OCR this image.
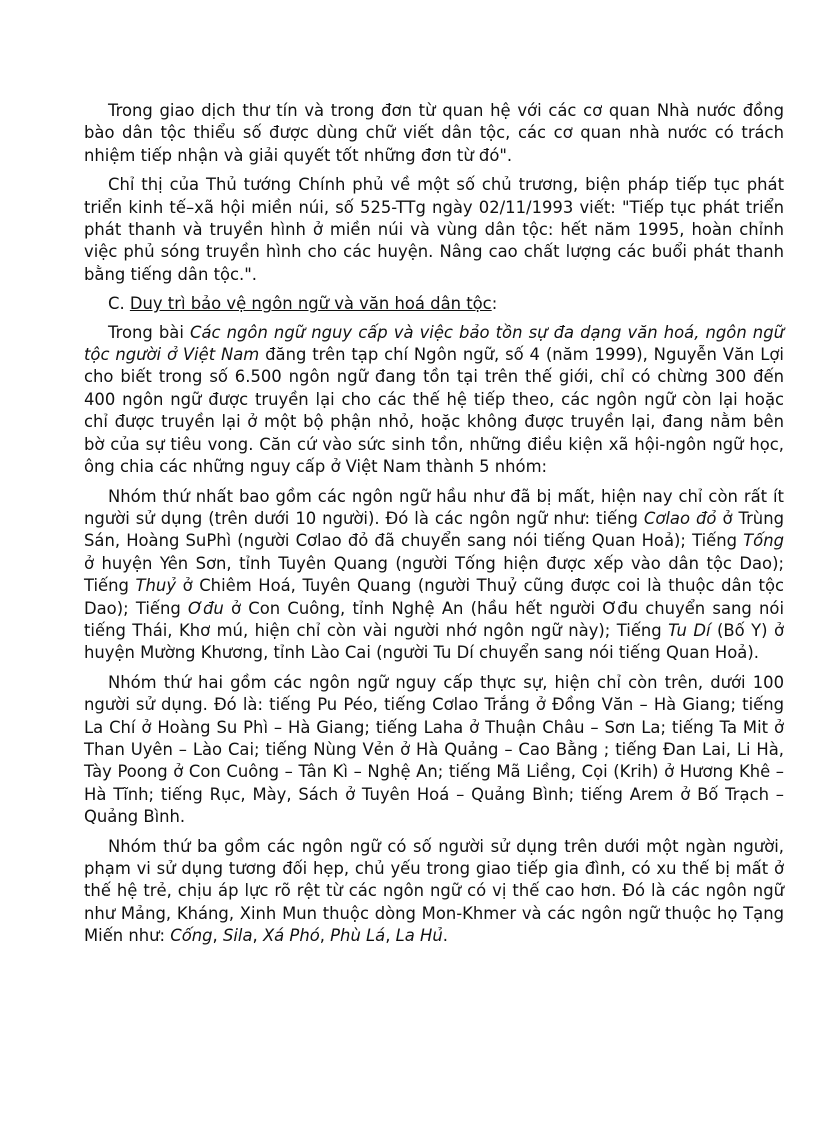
Trong giao dịch thư tín và trong đơn từ quan hệ với các cơ quan Nhà nước đồng bào dân tộc thiểu số được dùng chữ viết dân tộc, các cơ quan nhà nước có trách nhiệm tiếp nhận và giải quyết tốt những đơn từ đó".

Chỉ thị của Thủ tướng Chính phủ về một số chủ trương, biện pháp tiếp tục phát triển kinh tế–xã hội miền núi, số 525-TTg ngày 02/11/1993 viết: "Tiếp tục phát triển phát thanh và truyền hình ở miền núi và vùng dân tộc: hết năm 1995, hoàn chỉnh việc phủ sóng truyền hình cho các huyện. Nâng cao chất lượng các buổi phát thanh bằng tiếng dân tộc.".

C. Duy trì bảo vệ ngôn ngữ và văn hoá dân tộc:

Trong bài Các ngôn ngữ nguy cấp và việc bảo tồn sự đa dạng văn hoá, ngôn ngữ tộc người ở Việt Nam đăng trên tạp chí Ngôn ngữ, số 4 (năm 1999), Nguyễn Văn Lợi cho biết trong số 6.500 ngôn ngữ đang tồn tại trên thế giới, chỉ có chừng 300 đến 400 ngôn ngữ được truyền lại cho các thế hệ tiếp theo, các ngôn ngữ còn lại hoặc chỉ được truyền lại ở một bộ phận nhỏ, hoặc không được truyền lại, đang nằm bên bờ của sự tiêu vong. Căn cứ vào sức sinh tồn, những điều kiện xã hội-ngôn ngữ học, ông chia các những nguy cấp ở Việt Nam thành 5 nhóm:

Nhóm thứ nhất bao gồm các ngôn ngữ hầu như đã bị mất, hiện nay chỉ còn rất ít người sử dụng (trên dưới 10 người). Đó là các ngôn ngữ như: tiếng Cơlao đỏ ở Trùng Sán, Hoàng SuPhì (người Cơlao đỏ đã chuyển sang nói tiếng Quan Hoả); Tiếng Tống ở huyện Yên Sơn, tỉnh Tuyên Quang (người Tống hiện được xếp vào dân tộc Dao); Tiếng Thuỷ ở Chiêm Hoá, Tuyên Quang (người Thuỷ cũng được coi là thuộc dân tộc Dao); Tiếng Ơđu ở Con Cuông, tỉnh Nghệ An (hầu hết người Ơđu chuyển sang nói tiếng Thái, Khơ mú, hiện chỉ còn vài người nhớ ngôn ngữ này); Tiếng Tu Dí (Bố Y) ở huyện Mường Khương, tỉnh Lào Cai (người Tu Dí chuyển sang nói tiếng Quan Hoả).

Nhóm thứ hai gồm các ngôn ngữ nguy cấp thực sự, hiện chỉ còn trên, dưới 100 người sử dụng. Đó là: tiếng Pu Péo, tiếng Cơlao Trắng ở Đồng Văn – Hà Giang; tiếng La Chí ở Hoàng Su Phì – Hà Giang; tiếng Laha ở Thuận Châu – Sơn La; tiếng Ta Mit ở Than Uyên – Lào Cai; tiếng Nùng Vẻn ở Hà Quảng – Cao Bằng ; tiếng Đan Lai, Li Hà, Tày Poong ở Con Cuông – Tân Kì – Nghệ An; tiếng Mã Liềng, Cọi (Krih) ở Hương Khê – Hà Tĩnh; tiếng Rục, Mày, Sách ở Tuyên Hoá – Quảng Bình; tiếng Arem ở Bố Trạch – Quảng Bình.

Nhóm thứ ba gồm các ngôn ngữ có số người sử dụng trên dưới một ngàn người, phạm vi sử dụng tương đối hẹp, chủ yếu trong giao tiếp gia đình, có xu thế bị mất ở thế hệ trẻ, chịu áp lực rõ rệt từ các ngôn ngữ có vị thế cao hơn. Đó là các ngôn ngữ như Mảng, Kháng, Xinh Mun thuộc dòng Mon-Khmer và các ngôn ngữ thuộc họ Tạng Miến như: Cống, Sila, Xá Phó, Phù Lá, La Hủ.
